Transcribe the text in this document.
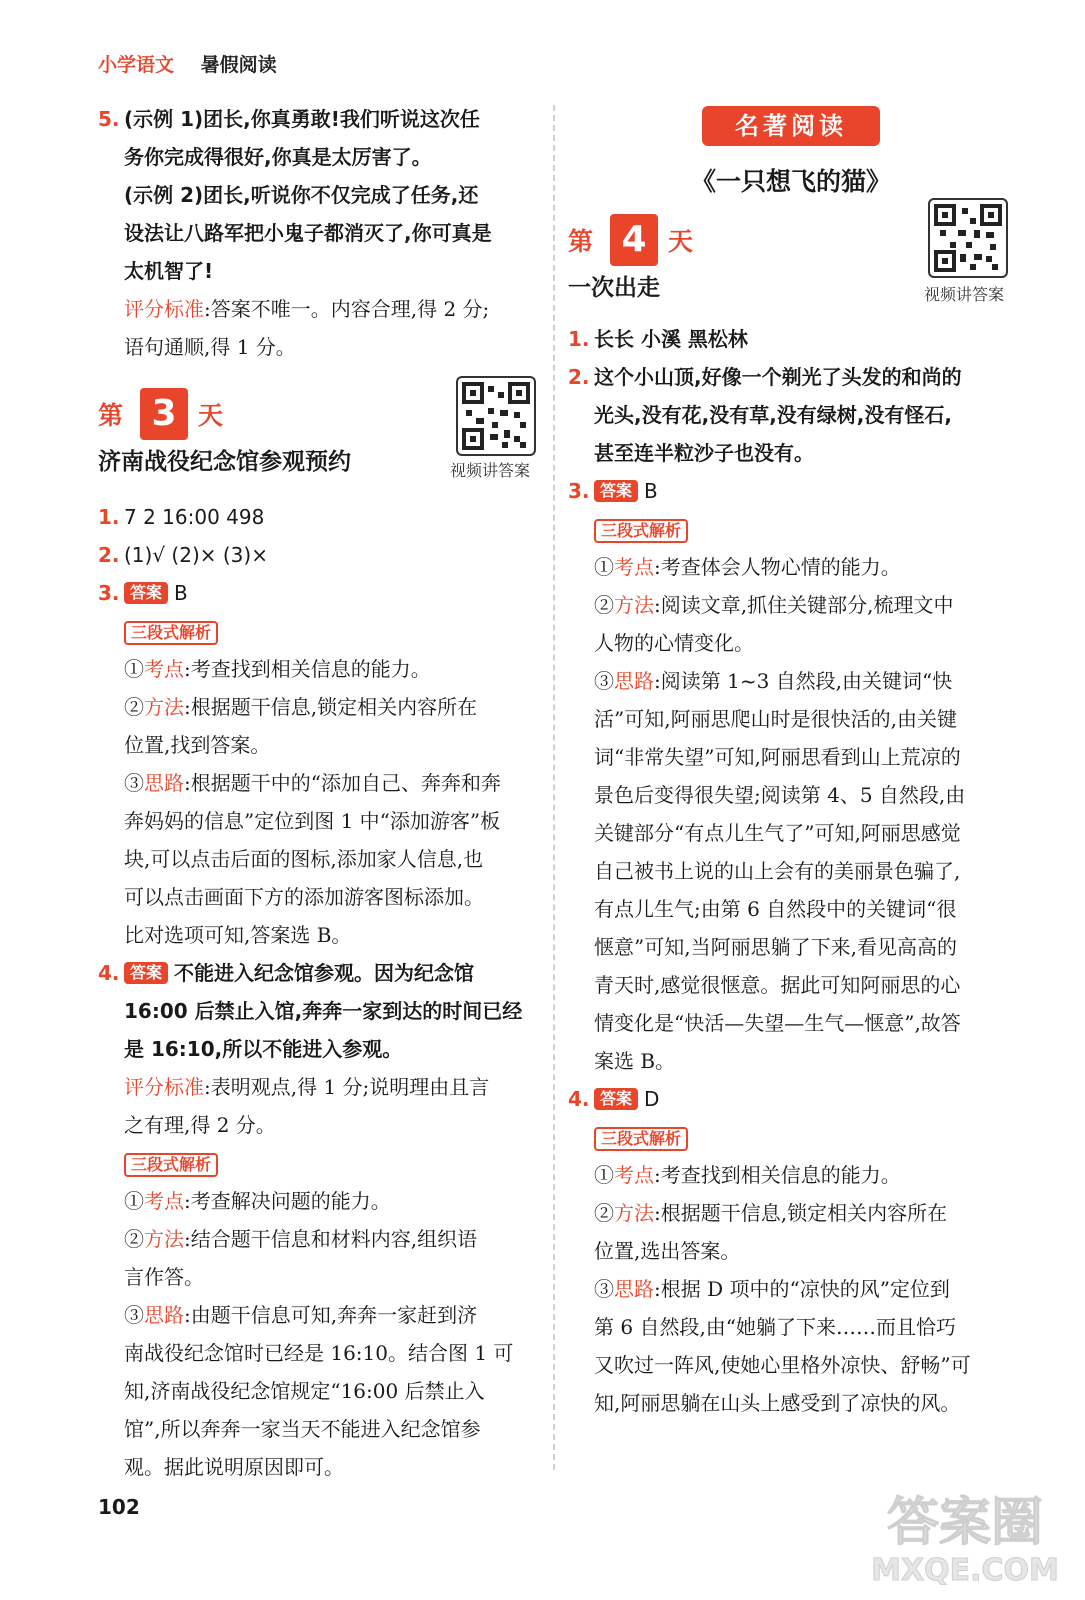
小学语文 暑假阅读
5. (示例 1)团长,你真勇敢!我们听说这次任
务你完成得很好,你真是太厉害了。
(示例 2)团长,听说你不仅完成了任务,还
设法让八路军把小鬼子都消灭了,你可真是
太机智了!
评分标准:答案不唯一。内容合理,得 2 分;
语句通顺,得 1 分。
第 3 天
济南战役纪念馆参观预约	视频讲答案
1. 7 2 16:00 498
2. (1)√ (2)× (3)×
3. 答案 B
三段式解析
①考点:考查找到相关信息的能力。
②方法:根据题干信息,锁定相关内容所在
位置,找到答案。
③思路:根据题干中的“添加自己、奔奔和奔
奔妈妈的信息”定位到图 1 中“添加游客”板
块,可以点击后面的图标,添加家人信息,也
可以点击画面下方的添加游客图标添加。
比对选项可知,答案选 B。
4. 答案 不能进入纪念馆参观。因为纪念馆
16:00 后禁止入馆,奔奔一家到达的时间已经
是 16:10,所以不能进入参观。
评分标准:表明观点,得 1 分;说明理由且言
之有理,得 2 分。
三段式解析
①考点:考查解决问题的能力。
②方法:结合题干信息和材料内容,组织语
言作答。
③思路:由题干信息可知,奔奔一家赶到济
南战役纪念馆时已经是 16:10。结合图 1 可
知,济南战役纪念馆规定“16:00 后禁止入
馆”,所以奔奔一家当天不能进入纪念馆参
观。据此说明原因即可。
名著阅读
《一只想飞的猫》
第 4 天
一次出走	视频讲答案
1. 长长 小溪 黑松林
2. 这个小山顶,好像一个剃光了头发的和尚的
光头,没有花,没有草,没有绿树,没有怪石,
甚至连半粒沙子也没有。
3. 答案 B
三段式解析
①考点:考查体会人物心情的能力。
②方法:阅读文章,抓住关键部分,梳理文中
人物的心情变化。
③思路:阅读第 1~3 自然段,由关键词“快
活”可知,阿丽思爬山时是很快活的,由关键
词“非常失望”可知,阿丽思看到山上荒凉的
景色后变得很失望;阅读第 4、5 自然段,由
关键部分“有点儿生气了”可知,阿丽思感觉
自己被书上说的山上会有的美丽景色骗了,
有点儿生气;由第 6 自然段中的关键词“很
惬意”可知,当阿丽思躺了下来,看见高高的
青天时,感觉很惬意。据此可知阿丽思的心
情变化是“快活—失望—生气—惬意”,故答
案选 B。
4. 答案 D
三段式解析
①考点:考查找到相关信息的能力。
②方法:根据题干信息,锁定相关内容所在
位置,选出答案。
③思路:根据 D 项中的“凉快的风”定位到
第 6 自然段,由“她躺了下来……而且恰巧
又吹过一阵风,使她心里格外凉快、舒畅”可
知,阿丽思躺在山头上感受到了凉快的风。
102	答案圈
MXQE.COM
